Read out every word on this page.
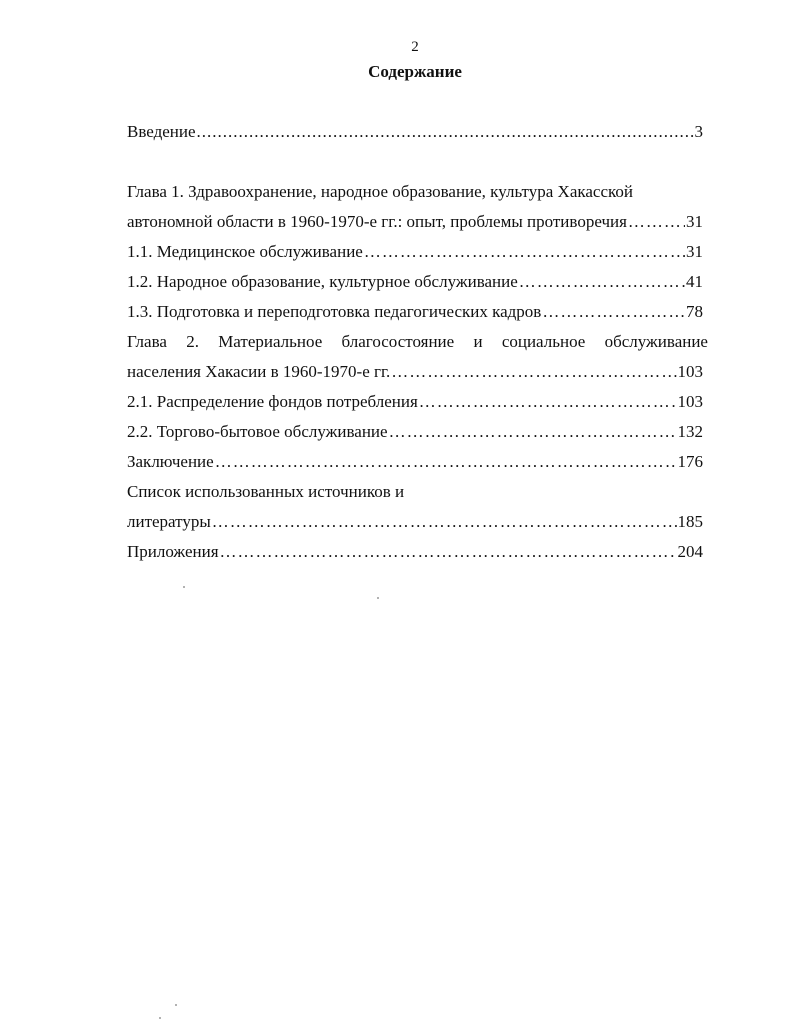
2
Содержание
Введение .....	3
Глава 1. Здравоохранение, народное образование, культура Хакасской
автономной области в 1960-1970-е гг.: опыт, проблемы противоречия ………………………………………………………………………………………………………………………………………………………………………………………………………………	31
1.1. Медицинское обслуживание ………………………………………………………………………………………………………………………………………………………………………………………………………………	31
1.2. Народное образование, культурное обслуживание ………………………………………………………………………………………………………………………………………………………………………………………………………………	41
1.3. Подготовка и переподготовка педагогических кадров ………………………………………………………………………………………………………………………………………………………………………………………………………………	78
Глава 2. Материальное благосостояние и социальное обслуживание
населения Хакасии в 1960-1970-е гг. ………………………………………………………………………………………………………………………………………………………………………………………………………………	103
2.1. Распределение фондов потребления ………………………………………………………………………………………………………………………………………………………………………………………………………………	103
2.2. Торгово-бытовое обслуживание ………………………………………………………………………………………………………………………………………………………………………………………………………………	132
Заключение ………………………………………………………………………………………………………………………………………………………………………………………………………………	176
Список использованных источников и
литературы ………………………………………………………………………………………………………………………………………………………………………………………………………………	185
Приложения ………………………………………………………………………………………………………………………………………………………………………………………………………………	204
